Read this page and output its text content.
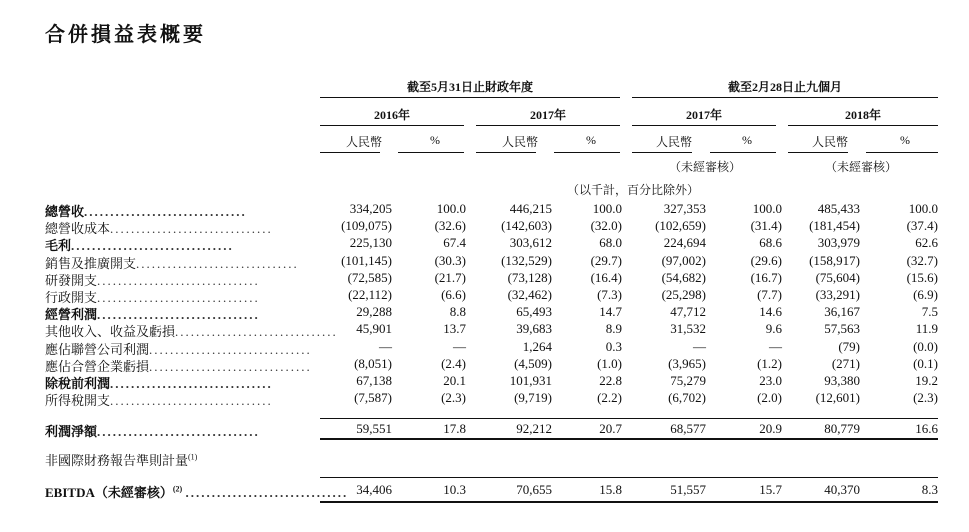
合併損益表概要
截至5月31日止財政年度	截至2月28日止九個月
2016年	2017年	2017年	2018年
人民幣	%	人民幣	%	人民幣	%	人民幣	%
（未經審核）	（未經審核）
（以千計，百分比除外）
總營收...............................	334,205	100.0	446,215	100.0	327,353	100.0	485,433	100.0
總營收成本...............................	(109,075)	(32.6)	(142,603)	(32.0)	(102,659)	(31.4)	(181,454)	(37.4)
毛利...............................	225,130	67.4	303,612	68.0	224,694	68.6	303,979	62.6
銷售及推廣開支...............................	(101,145)	(30.3)	(132,529)	(29.7)	(97,002)	(29.6)	(158,917)	(32.7)
研發開支...............................	(72,585)	(21.7)	(73,128)	(16.4)	(54,682)	(16.7)	(75,604)	(15.6)
行政開支...............................	(22,112)	(6.6)	(32,462)	(7.3)	(25,298)	(7.7)	(33,291)	(6.9)
經營利潤...............................	29,288	8.8	65,493	14.7	47,712	14.6	36,167	7.5
其他收入、收益及虧損...............................	45,901	13.7	39,683	8.9	31,532	9.6	57,563	11.9
應佔聯營公司利潤...............................	—	—	1,264	0.3	—	—	(79)	(0.0)
應佔合營企業虧損...............................	(8,051)	(2.4)	(4,509)	(1.0)	(3,965)	(1.2)	(271)	(0.1)
除稅前利潤...............................	67,138	20.1	101,931	22.8	75,279	23.0	93,380	19.2
所得稅開支...............................	(7,587)	(2.3)	(9,719)	(2.2)	(6,702)	(2.0)	(12,601)	(2.3)
利潤淨額...............................	59,551	17.8	92,212	20.7	68,577	20.9	80,779	16.6
非國際財務報告準則計量$^{(1)}$
EBITDA（未經審核）$^{(2)}$ ............................... 34,406	10.3	70,655	15.8	51,557	15.7	40,370	8.3
